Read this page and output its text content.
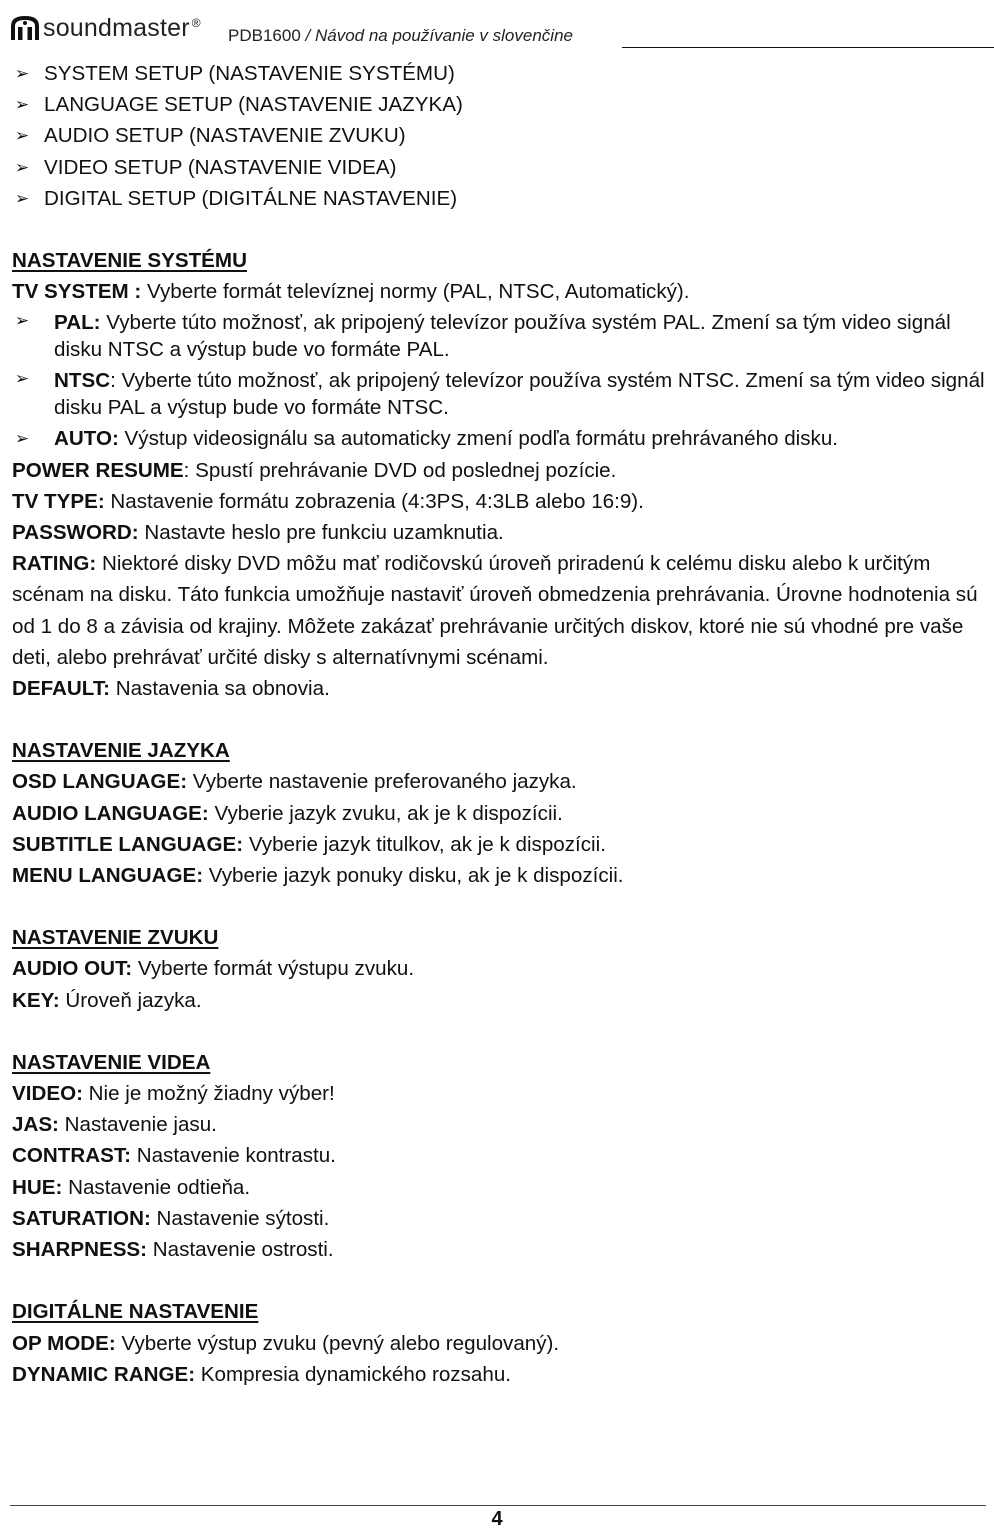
soundmaster ®
PDB1600 / Návod na používanie v slovenčine
➢ SYSTEM SETUP (NASTAVENIE SYSTÉMU)
➢ LANGUAGE SETUP (NASTAVENIE JAZYKA)
➢ AUDIO SETUP (NASTAVENIE ZVUKU)
➢ VIDEO SETUP (NASTAVENIE VIDEA)
➢ DIGITAL SETUP (DIGITÁLNE NASTAVENIE)

NASTAVENIE SYSTÉMU

TV SYSTEM : Vyberte formát televíznej normy (PAL, NTSC, Automatický).

➢ PAL: Vyberte túto možnosť, ak pripojený televízor používa systém PAL. Zmení sa tým video signál disku NTSC a výstup bude vo formáte PAL.
➢ NTSC: Vyberte túto možnosť, ak pripojený televízor používa systém NTSC. Zmení sa tým video signál disku PAL a výstup bude vo formáte NTSC.
➢ AUTO: Výstup videosignálu sa automaticky zmení podľa formátu prehrávaného disku.

POWER RESUME: Spustí prehrávanie DVD od poslednej pozície.

TV TYPE: Nastavenie formátu zobrazenia (4:3PS, 4:3LB alebo 16:9).

PASSWORD: Nastavte heslo pre funkciu uzamknutia.

RATING: Niektoré disky DVD môžu mať rodičovskú úroveň priradenú k celému disku alebo k určitým scénam na disku. Táto funkcia umožňuje nastaviť úroveň obmedzenia prehrávania. Úrovne hodnotenia sú od 1 do 8 a závisia od krajiny. Môžete zakázať prehrávanie určitých diskov, ktoré nie sú vhodné pre vaše deti, alebo prehrávať určité disky s alternatívnymi scénami.

DEFAULT: Nastavenia sa obnovia.

NASTAVENIE JAZYKA

OSD LANGUAGE: Vyberte nastavenie preferovaného jazyka.

AUDIO LANGUAGE: Vyberie jazyk zvuku, ak je k dispozícii.

SUBTITLE LANGUAGE: Vyberie jazyk titulkov, ak je k dispozícii.

MENU LANGUAGE: Vyberie jazyk ponuky disku, ak je k dispozícii.

NASTAVENIE ZVUKU

AUDIO OUT: Vyberte formát výstupu zvuku.

KEY: Úroveň jazyka.

NASTAVENIE VIDEA

VIDEO: Nie je možný žiadny výber!

JAS: Nastavenie jasu.

CONTRAST: Nastavenie kontrastu.

HUE: Nastavenie odtieňa.

SATURATION: Nastavenie sýtosti.

SHARPNESS: Nastavenie ostrosti.

DIGITÁLNE NASTAVENIE

OP MODE: Vyberte výstup zvuku (pevný alebo regulovaný).

DYNAMIC RANGE: Kompresia dynamického rozsahu.

4
